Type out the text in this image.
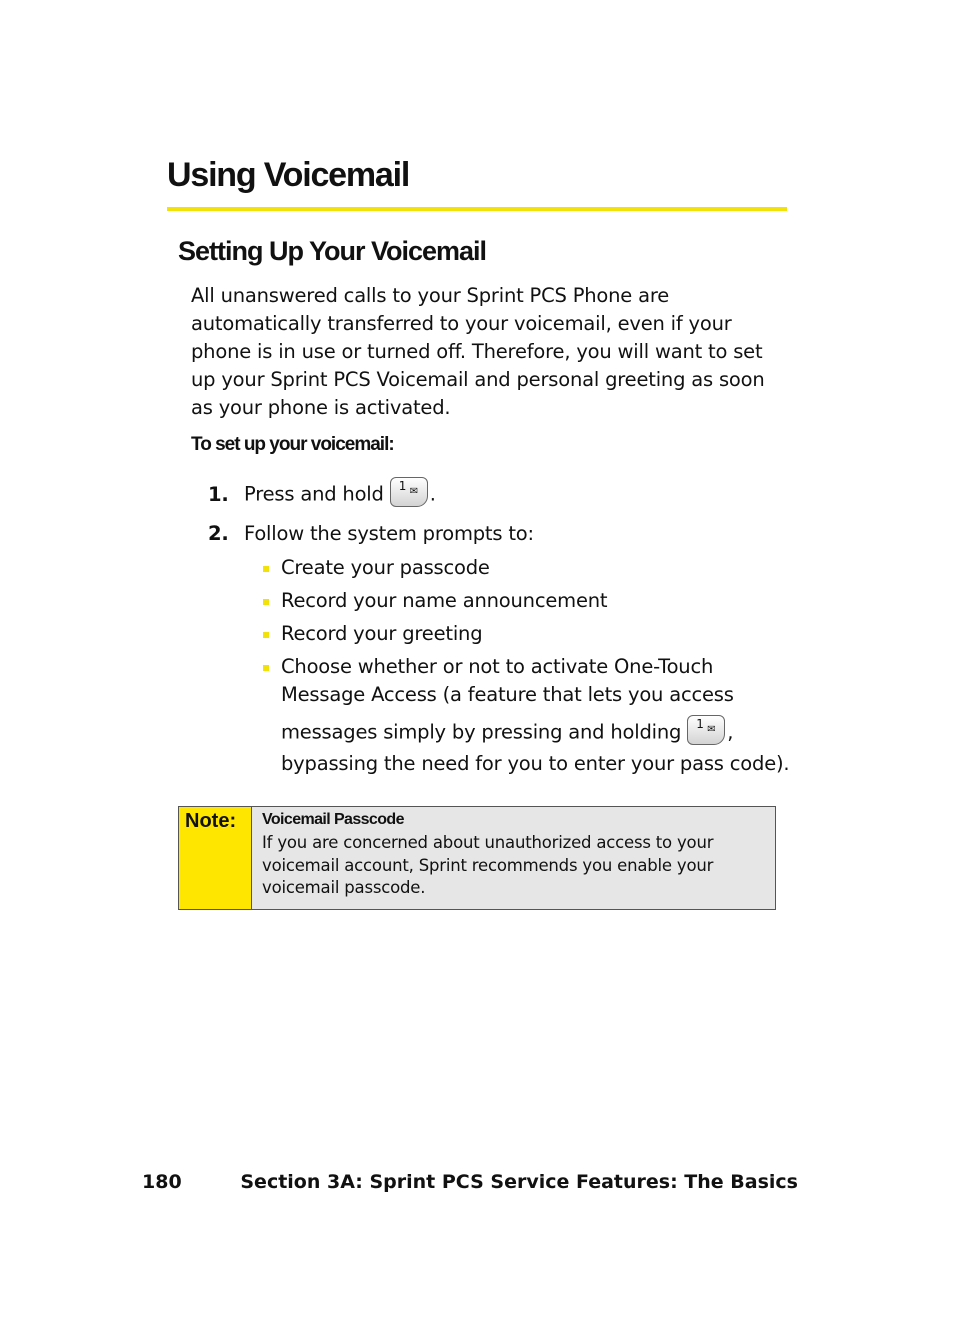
Using Voicemail
Setting Up Your Voicemail

All unanswered calls to your Sprint PCS Phone are automatically transferred to your voicemail, even if your phone is in use or turned off. Therefore, you will want to set up your Sprint PCS Voicemail and personal greeting as soon as your phone is activated.

To set up your voicemail:

1. Press and hold 1 ✉ .
2. Follow the system prompts to:
Create your passcode
Record your name announcement
Record your greeting
Choose whether or not to activate One-Touch
Message Access (a feature that lets you access
messages simply by pressing and holding 1 ✉ ,
bypassing the need for you to enter your pass code).
Note: Voicemail Passcode
If you are concerned about unauthorized access to your voicemail account, Sprint recommends you enable your voicemail passcode.
180	Section 3A: Sprint PCS Service Features: The Basics
